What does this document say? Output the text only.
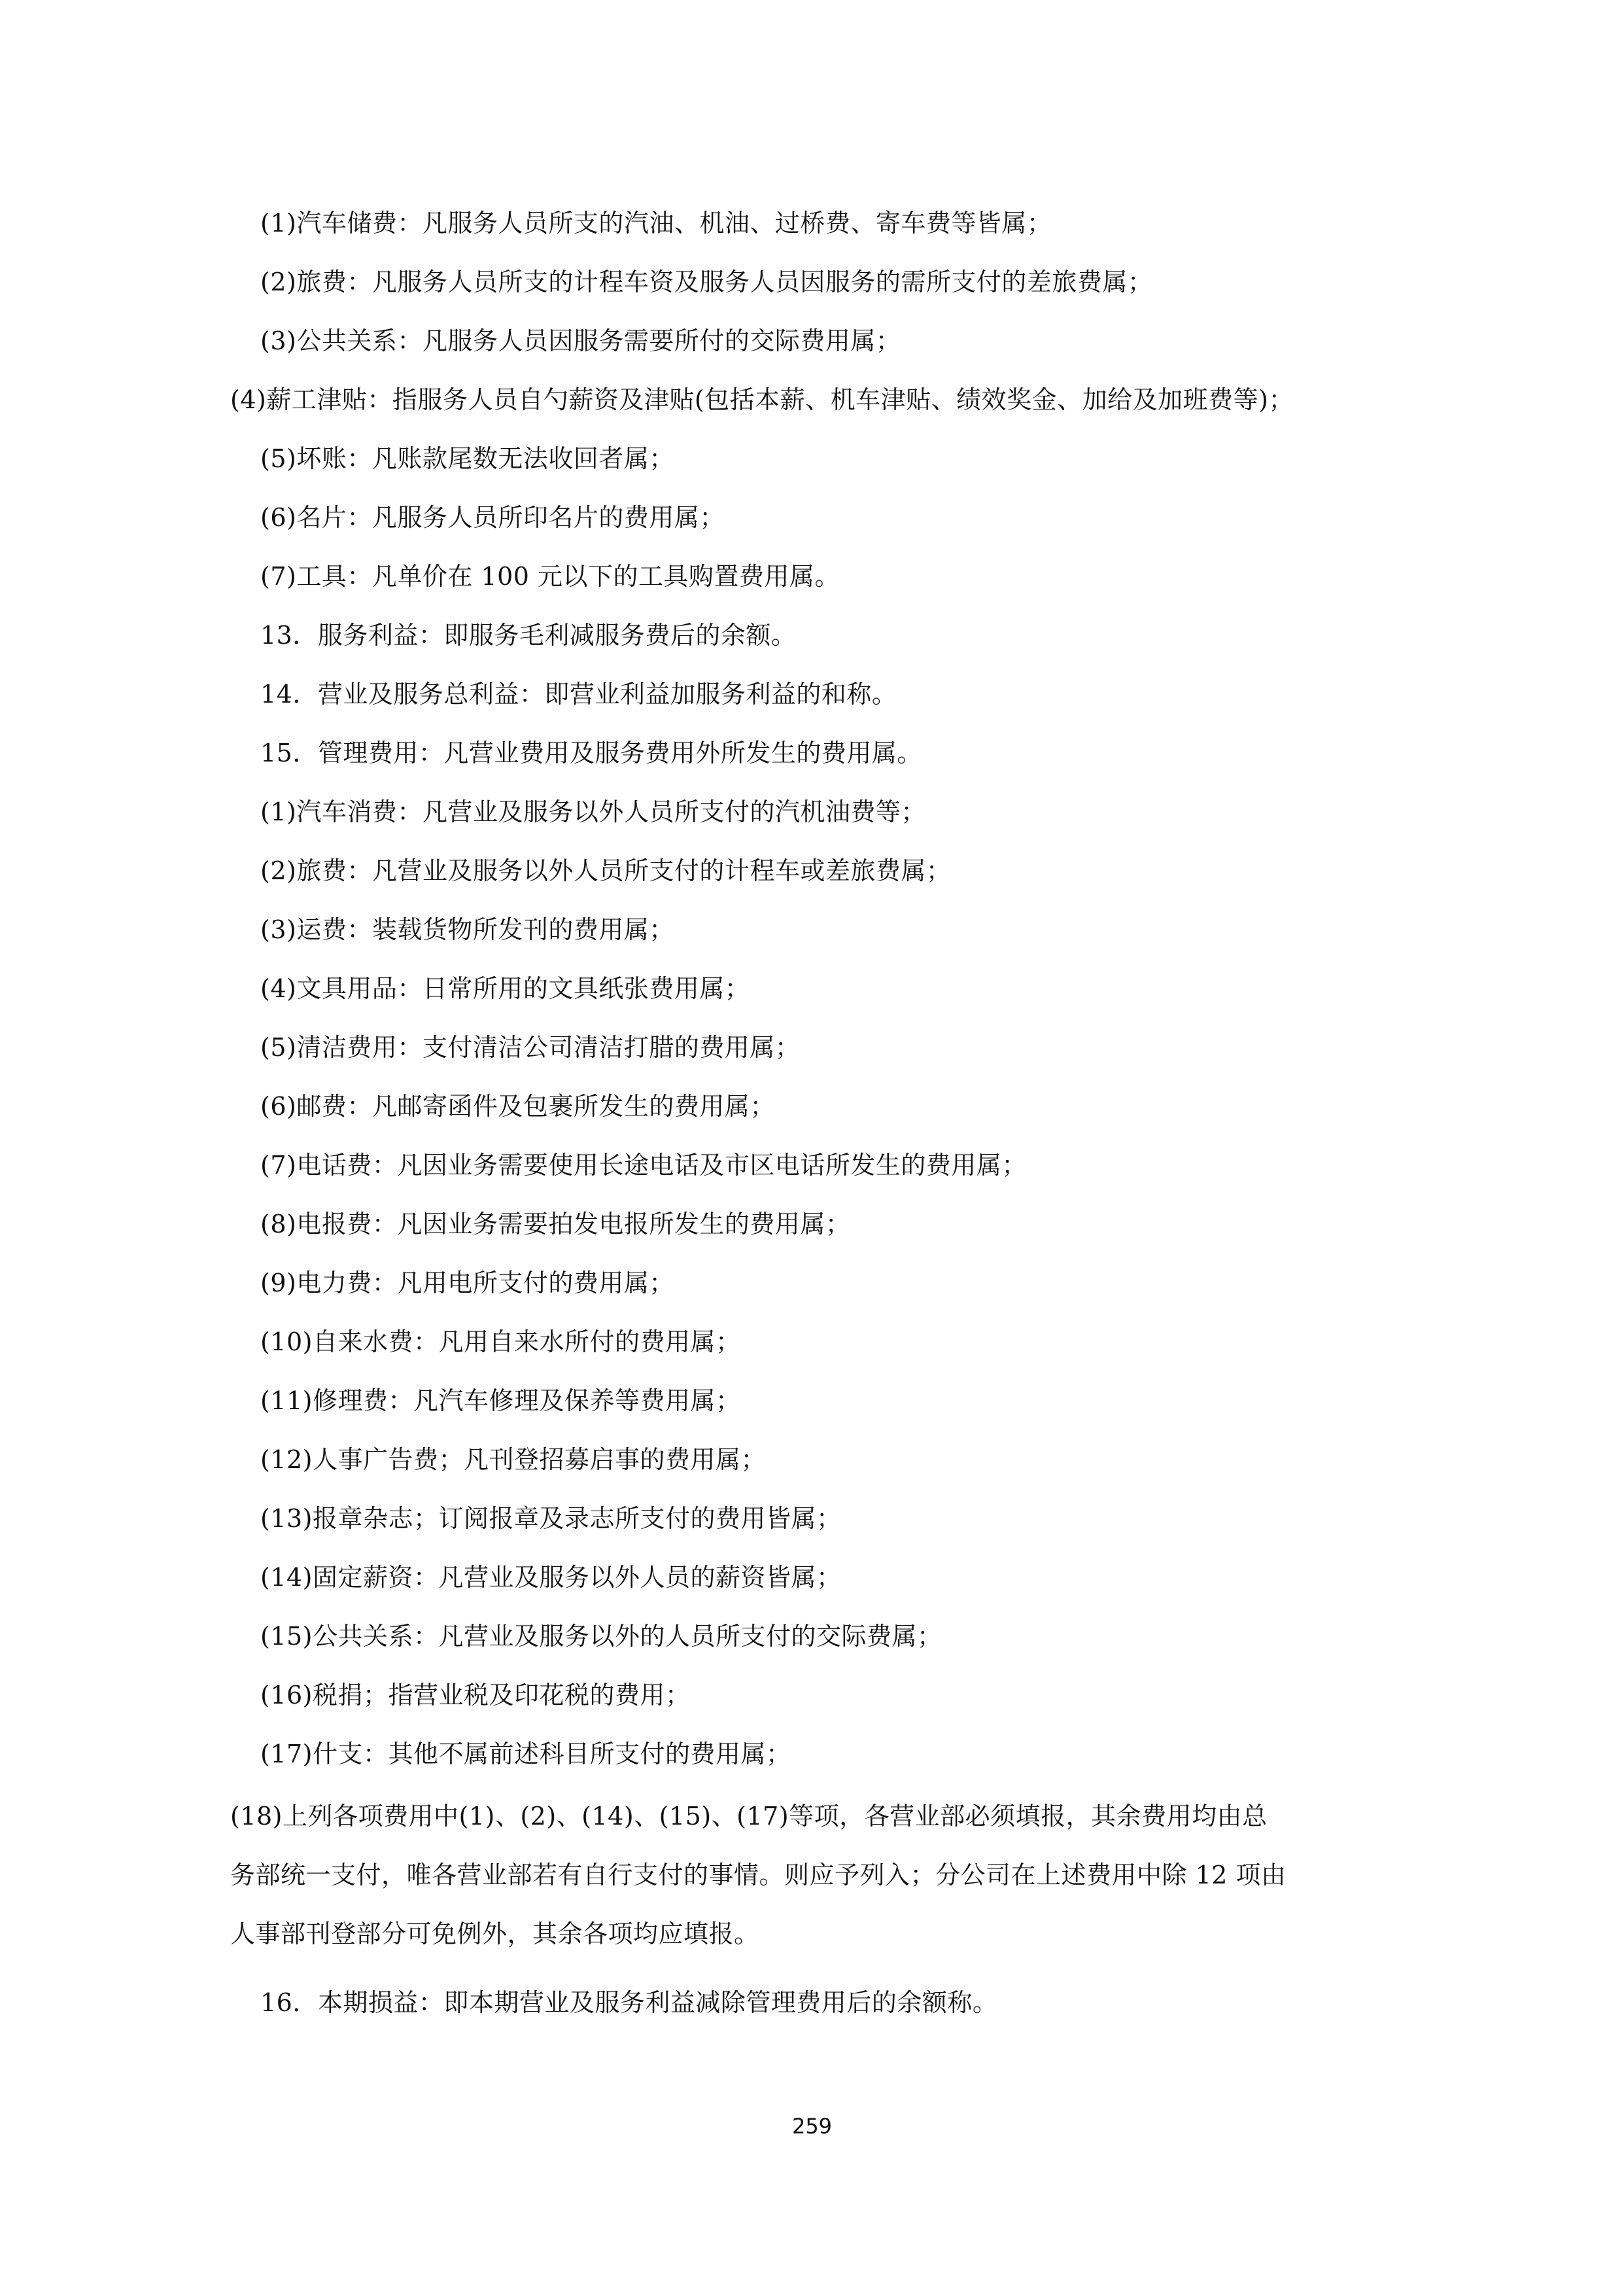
(1)汽车储费：凡服务人员所支的汽油、机油、过桥费、寄车费等皆属；
(2)旅费：凡服务人员所支的计程车资及服务人员因服务的需所支付的差旅费属；
(3)公共关系：凡服务人员因服务需要所付的交际费用属；
(4)薪工津贴：指服务人员自勺薪资及津贴(包括本薪、机车津贴、绩效奖金、加给及加班费等)；
(5)坏账：凡账款尾数无法收回者属；
(6)名片：凡服务人员所印名片的费用属；
(7)工具：凡单价在 100 元以下的工具购置费用属。
13．服务利益：即服务毛利减服务费后的余额。
14．营业及服务总利益：即营业利益加服务利益的和称。
15．管理费用：凡营业费用及服务费用外所发生的费用属。
(1)汽车消费：凡营业及服务以外人员所支付的汽机油费等；
(2)旅费：凡营业及服务以外人员所支付的计程车或差旅费属；
(3)运费：装载货物所发刊的费用属；
(4)文具用品：日常所用的文具纸张费用属；
(5)清洁费用：支付清洁公司清洁打腊的费用属；
(6)邮费：凡邮寄函件及包裹所发生的费用属；
(7)电话费：凡因业务需要使用长途电话及市区电话所发生的费用属；
(8)电报费：凡因业务需要拍发电报所发生的费用属；
(9)电力费：凡用电所支付的费用属；
(10)自来水费：凡用自来水所付的费用属；
(11)修理费：凡汽车修理及保养等费用属；
(12)人事广告费；凡刊登招募启事的费用属；
(13)报章杂志；订阅报章及录志所支付的费用皆属；
(14)固定薪资：凡营业及服务以外人员的薪资皆属；
(15)公共关系：凡营业及服务以外的人员所支付的交际费属；
(16)税捐；指营业税及印花税的费用；
(17)什支：其他不属前述科目所支付的费用属；
(18)上列各项费用中(1)、(2)、(14)、(15)、(17)等项，各营业部必须填报，其余费用均由总
务部统一支付，唯各营业部若有自行支付的事情。则应予列入；分公司在上述费用中除 12 项由
人事部刊登部分可免例外，其余各项均应填报。
16．本期损益：即本期营业及服务利益减除管理费用后的余额称。
259
